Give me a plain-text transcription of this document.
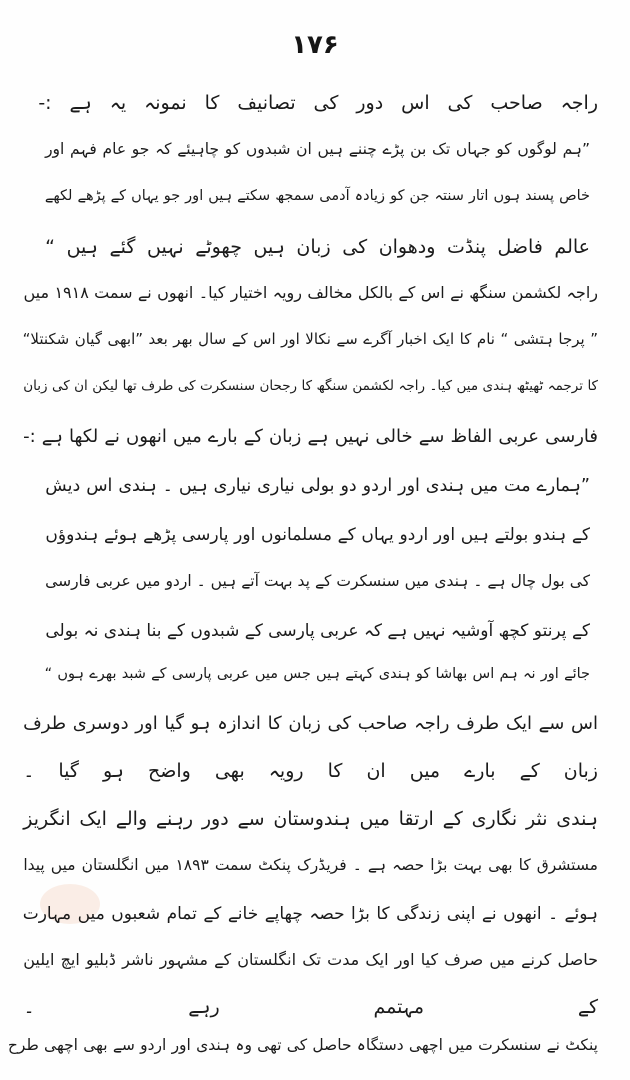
۱۷۶
راجہ صاحب کی اس دور کی تصانیف کا نمونہ یہ ہے :-
”ہم لوگوں کو جہاں تک بن پڑے چننے ہیں ان شبدوں کو چاہیئے کہ جو عام فہم اور
خاص پسند ہوں اتار سنتہ جن کو زیادہ آدمی سمجھ سکتے ہیں اور جو یہاں کے پڑھے لکھے
عالم فاضل پنڈت ودھوان کی زبان ہیں چھوٹے نہیں گئے ہیں “
راجہ لکشمن سنگھ نے اس کے بالکل مخالف رویہ اختیار کیا۔ انھوں نے سمت ۱۹۱۸ میں
” پرجا ہتشی “ نام کا ایک اخبار آگرے سے نکالا اور اس کے سال بھر بعد ”ابھی گیان شکنتلا“
کا ترجمہ ٹھیٹھ ہندی میں کیا۔ راجہ لکشمن سنگھ کا رجحان سنسکرت کی طرف تھا لیکن ان کی زبان
فارسی عربی الفاظ سے خالی نہیں ہے زبان کے بارے میں انھوں نے لکھا ہے :-
”ہمارے مت میں ہندی اور اردو دو بولی نیاری نیاری ہیں ۔ ہندی اس دیش
کے ہندو بولتے ہیں اور اردو یہاں کے مسلمانوں اور پارسی پڑھے ہوئے ہندوؤں
کی بول چال ہے ۔ ہندی میں سنسکرت کے پد بہت آتے ہیں ۔ اردو میں عربی فارسی
کے پرنتو کچھ آوشیہ نہیں ہے کہ عربی پارسی کے شبدوں کے بنا ہندی نہ بولی
جائے اور نہ ہم اس بھاشا کو ہندی کہتے ہیں جس میں عربی پارسی کے شبد بھرے ہوں “
اس سے ایک طرف راجہ صاحب کی زبان کا اندازہ ہو گیا اور دوسری طرف
زبان کے بارے میں ان کا رویہ بھی واضح ہو گیا ۔
ہندی نثر نگاری کے ارتقا میں ہندوستان سے دور رہنے والے ایک انگریز
مستشرق کا بھی بہت بڑا حصہ ہے ۔ فریڈرک پنکٹ سمت ۱۸۹۳ میں انگلستان میں پیدا
ہوئے ۔ انھوں نے اپنی زندگی کا بڑا حصہ چھاپے خانے کے تمام شعبوں میں مہارت
حاصل کرنے میں صرف کیا اور ایک مدت تک انگلستان کے مشہور ناشر ڈبلیو ایچ ایلین
کے مہتمم رہے ۔
پنکٹ نے سنسکرت میں اچھی دستگاہ حاصل کی تھی وہ ہندی اور اردو سے بھی اچھی طرح
